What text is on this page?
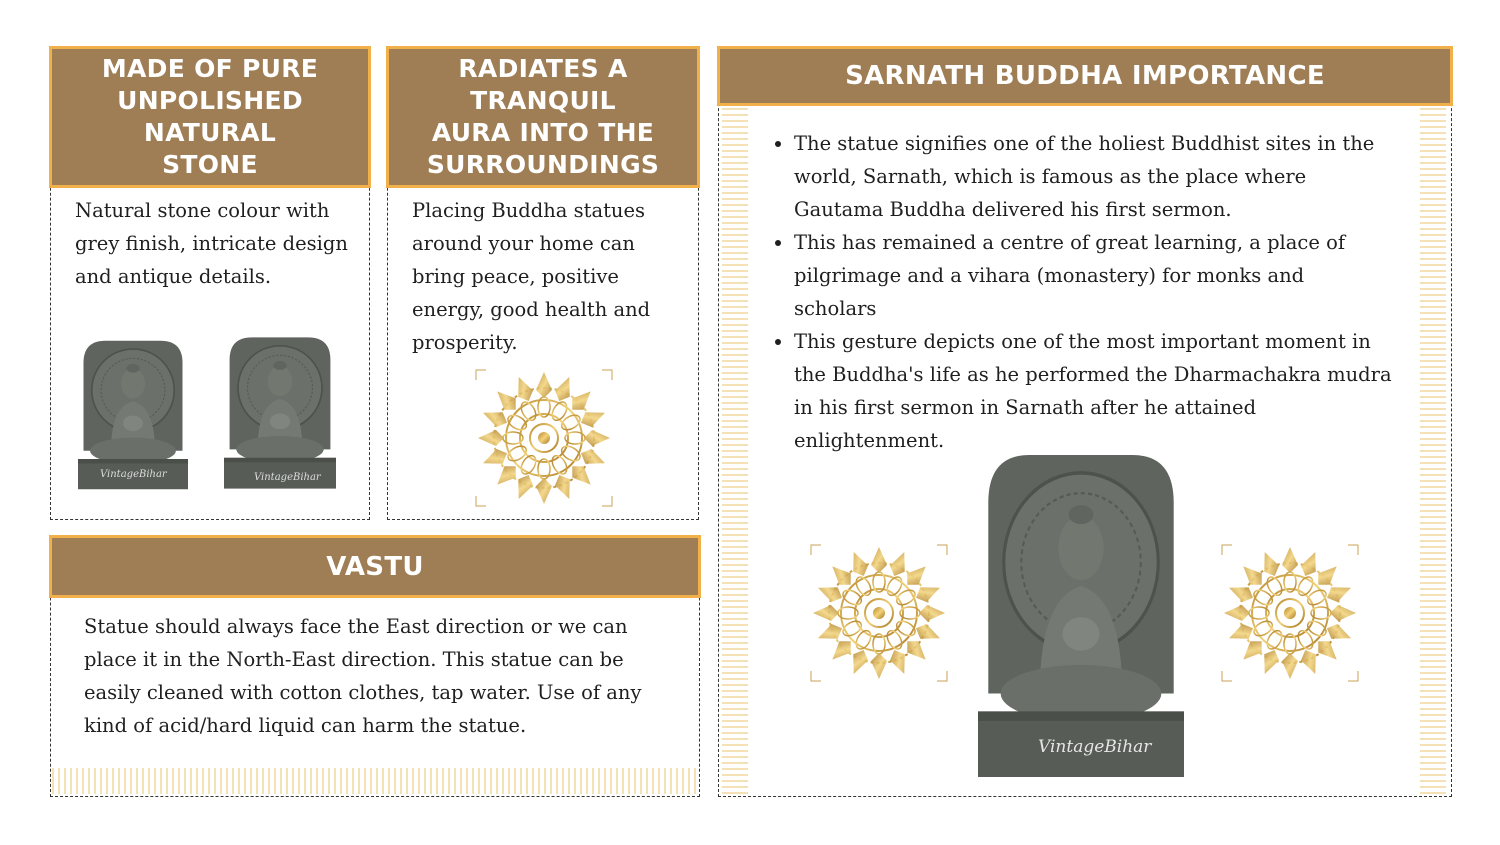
MADE OF PURE UNPOLISHED NATURAL STONE
Natural stone colour with grey finish, intricate design and antique details.
VintageBihar	VintageBihar
RADIATES A TRANQUIL AURA INTO THE SURROUNDINGS
Placing Buddha statues around your home can bring peace, positive energy, good health and prosperity.
VASTU
Statue should always face the East direction or we can place it in the North-East direction. This statue can be easily cleaned with cotton clothes, tap water. Use of any kind of acid/hard liquid can harm the statue.
SARNATH BUDDHA IMPORTANCE
• The statue signifies one of the holiest Buddhist sites in the world, Sarnath, which is famous as the place where Gautama Buddha delivered his first sermon.
• This has remained a centre of great learning, a place of pilgrimage and a vihara (monastery) for monks and scholars
• This gesture depicts one of the most important moment in the Buddha's life as he performed the Dharmachakra mudra in his first sermon in Sarnath after he attained enlightenment.
VintageBihar
